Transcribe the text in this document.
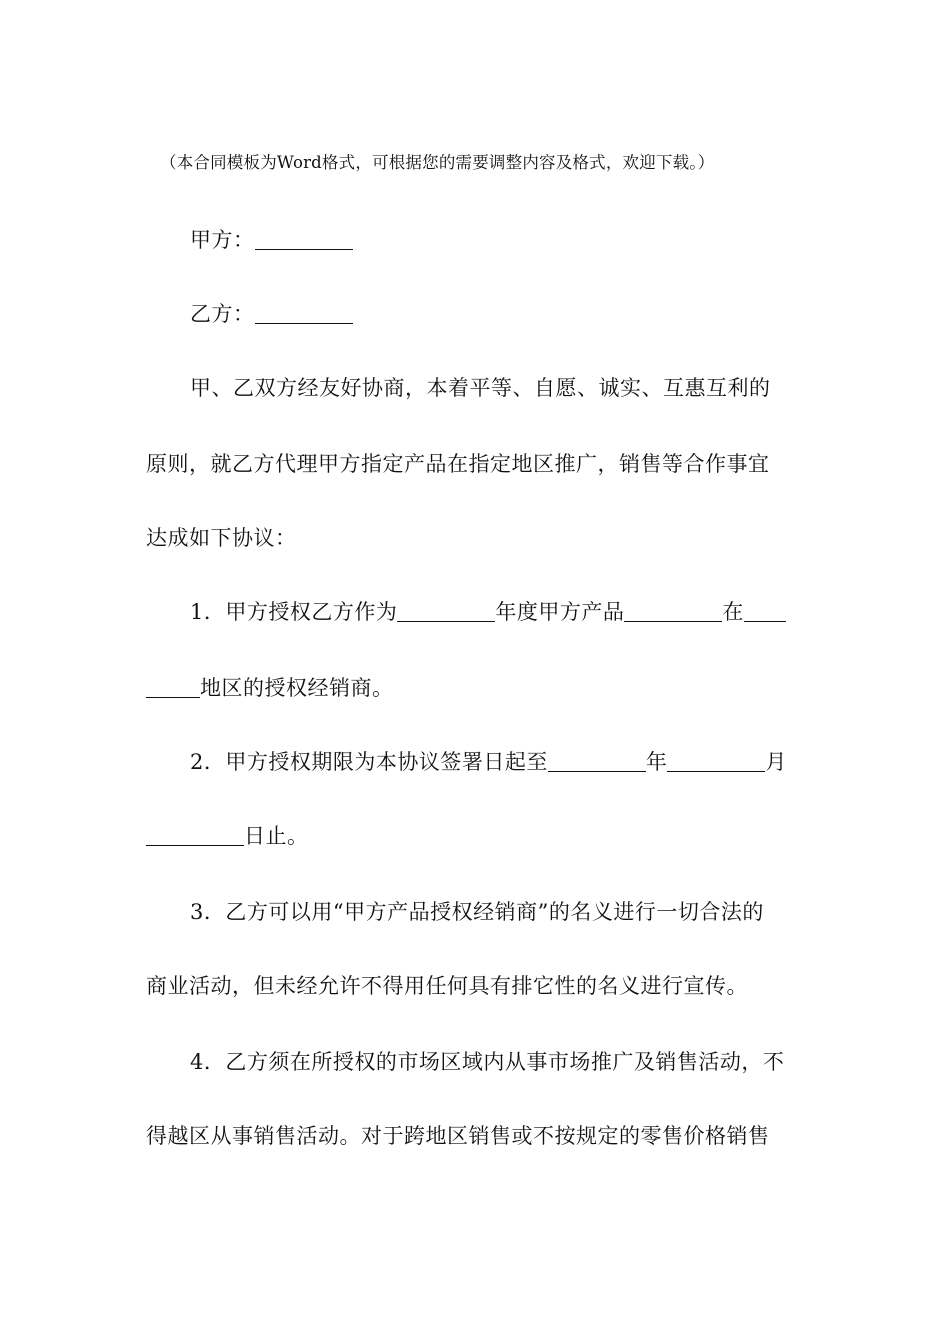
（本合同模板为Word格式，可根据您的需要调整内容及格式，欢迎下载。）
甲方：
乙方：
甲、乙双方经友好协商，本着平等、自愿、诚实、互惠互利的
原则，就乙方代理甲方指定产品在指定地区推广，销售等合作事宜
达成如下协议：
1．甲方授权乙方作为	年度甲方产品	在
地区的授权经销商。
2．甲方授权期限为本协议签署日起至	年	月
日止。
3．乙方可以用“甲方产品授权经销商”的名义进行一切合法的
商业活动，但未经允许不得用任何具有排它性的名义进行宣传。
4．乙方须在所授权的市场区域内从事市场推广及销售活动，不
得越区从事销售活动。对于跨地区销售或不按规定的零售价格销售
